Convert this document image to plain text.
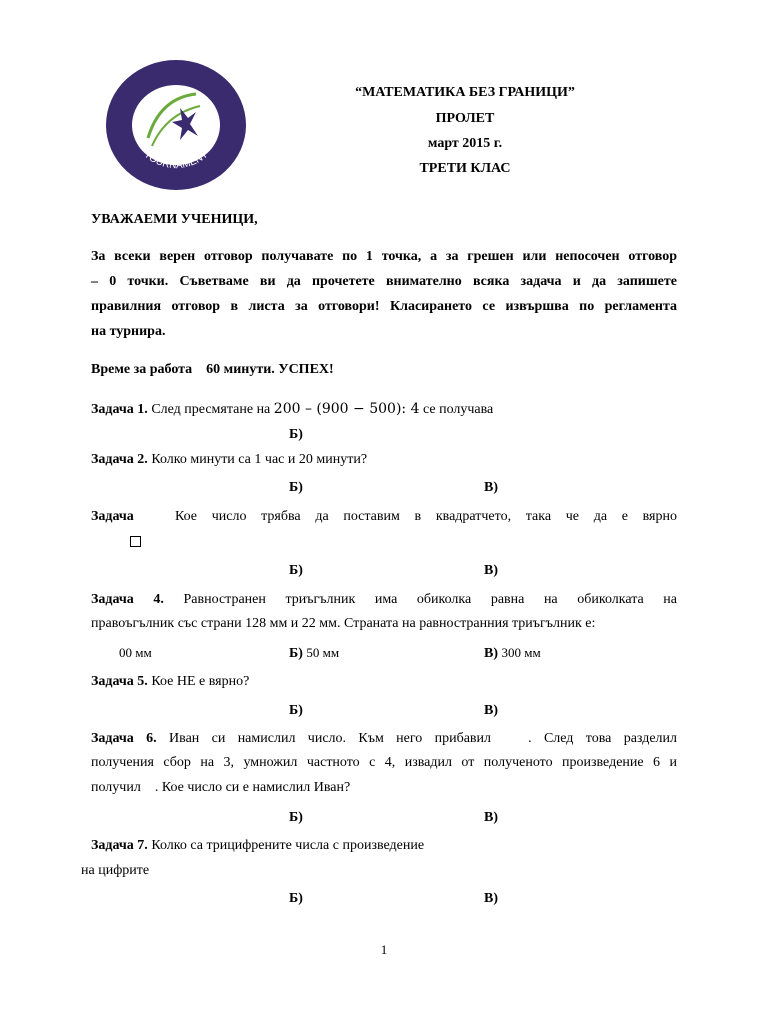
TOURNAMENT
“МАТЕМАТИКА БЕЗ ГРАНИЦИ”
ПРОЛЕТ
март 2015 г.
ТРЕТИ КЛАС
УВАЖАЕМИ УЧЕНИЦИ,
За всеки верен отговор получавате по 1 точка, а за грешен или непосочен отговор
– 0 точки. Съветваме ви да прочетете внимателно всяка задача и да запишете
правилния отговор в листа за отговори! Класирането се извършва по регламента
на турнира.
Време за работа    60 минути. УСПЕХ!
Задача 1. След пресмятане на 200 – (900 − 500): 4 се получава
Б)
Задача 2. Колко минути са 1 час и 20 минути?
Б)	В)
Задача	Кое число трябва да поставим в квадратчето, така че да е вярно
Б)	В)
Задача 4. Равностранен триъгълник има обиколка равна на обиколката на
правоъгълник със страни 128 мм и 22 мм. Страната на равностранния триъгълник е:
00 мм	Б) 50 мм	В) 300 мм
Задача 5. Кое НЕ е вярно?
Б)	В)
Задача 6. Иван си намислил число. Към него прибавил   . След това разделил
получения сбор на 3, умножил частното с 4, извадил от полученото произведение 6 и
получил    . Кое число си е намислил Иван?
Б)	В)
Задача 7. Колко са трицифрените числа с произведение
на цифрите
Б)	В)
1
